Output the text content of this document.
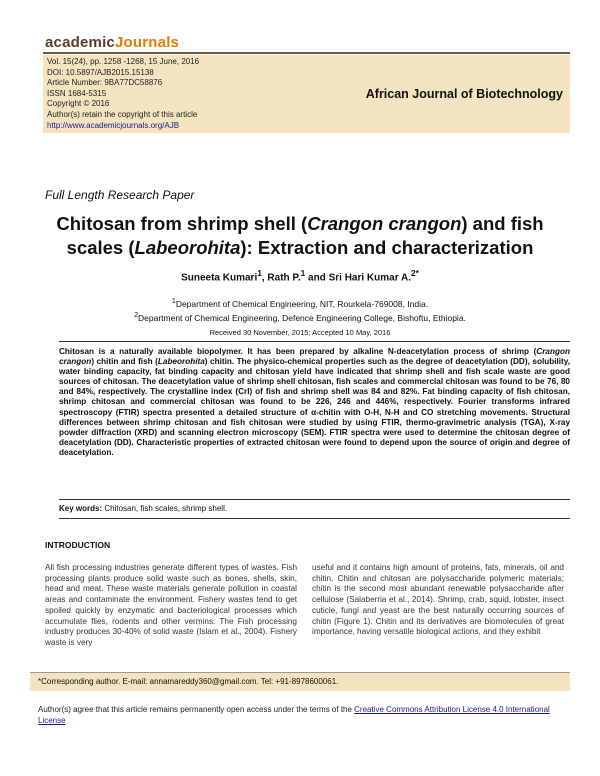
academicJournals
Vol. 15(24), pp. 1258 -1268, 15 June, 2016
DOI: 10.5897/AJB2015.15138
Article Number: 9BA77DC58876
ISSN 1684-5315
Copyright © 2016
Author(s) retain the copyright of this article
http://www.academicjournals.org/AJB
African Journal of Biotechnology
Full Length Research Paper
Chitosan from shrimp shell (Crangon crangon) and fish scales (Labeorohita): Extraction and characterization
Suneeta Kumari$^1$, Rath P.$^1$ and Sri Hari Kumar A.$^{2*}$
$^1$Department of Chemical Engineering, NIT, Rourkela-769008, India.
$^2$Department of Chemical Engineering, Defence Engineering College, Bishoftu, Ethiopia.
Received 30 November, 2015; Accepted 10 May, 2016
Chitosan is a naturally available biopolymer. It has been prepared by alkaline N-deacetylation process of shrimp (Crangon crangon) chitin and fish (Labeorohita) chitin. The physico-chemical properties such as the degree of deacetylation (DD), solubility, water binding capacity, fat binding capacity and chitosan yield have indicated that shrimp shell and fish scale waste are good sources of chitosan. The deacetylation value of shrimp shell chitosan, fish scales and commercial chitosan was found to be 76, 80 and 84%, respectively. The crystalline index (CrI) of fish and shrimp shell was 84 and 82%. Fat binding capacity of fish chitosan, shrimp chitosan and commercial chitosan was found to be 226, 246 and 446%, respectively. Fourier transforms infrared spectroscopy (FTIR) spectra presented a detailed structure of α-chitin with O-H, N-H and CO stretching movements. Structural differences between shrimp chitosan and fish chitosan were studied by using FTIR, thermo-gravimetric analysis (TGA), X-ray powder diffraction (XRD) and scanning electron microscopy (SEM). FTIR spectra were used to determine the chitosan degree of deacetylation (DD). Characteristic properties of extracted chitosan were found to depend upon the source of origin and degree of deacetylation.
Key words: Chitosan, fish scales, shrimp shell.
INTRODUCTION
All fish processing industries generate different types of wastes. Fish processing plants produce solid waste such as bones, shells, skin, head and meat. These waste materials generate pollution in coastal areas and contaminate the environment. Fishery wastes tend to get spoiled quickly by enzymatic and bacteriological processes which accumulate flies, rodents and other vermins. The Fish processing industry produces 30-40% of solid waste (Islam et al., 2004). Fishery waste is very
useful and it contains high amount of proteins, fats, minerals, oil and chitin. Chitin and chitosan are polysaccharide polymeric materials; chitin is the second most abundant renewable polysaccharide after cellulose (Salaberria et al., 2014). Shrimp, crab, squid, lobster, insect cuticle, fungi and yeast are the best naturally occurring sources of chitin (Figure 1). Chitin and its derivatives are biomolecules of great importance, having versatile biological actions, and they exhibit
*Corresponding author. E-mail: annamareddy360@gmail.com. Tel: +91-8978600061.
Author(s) agree that this article remains permanently open access under the terms of the Creative Commons Attribution License 4.0 International License
